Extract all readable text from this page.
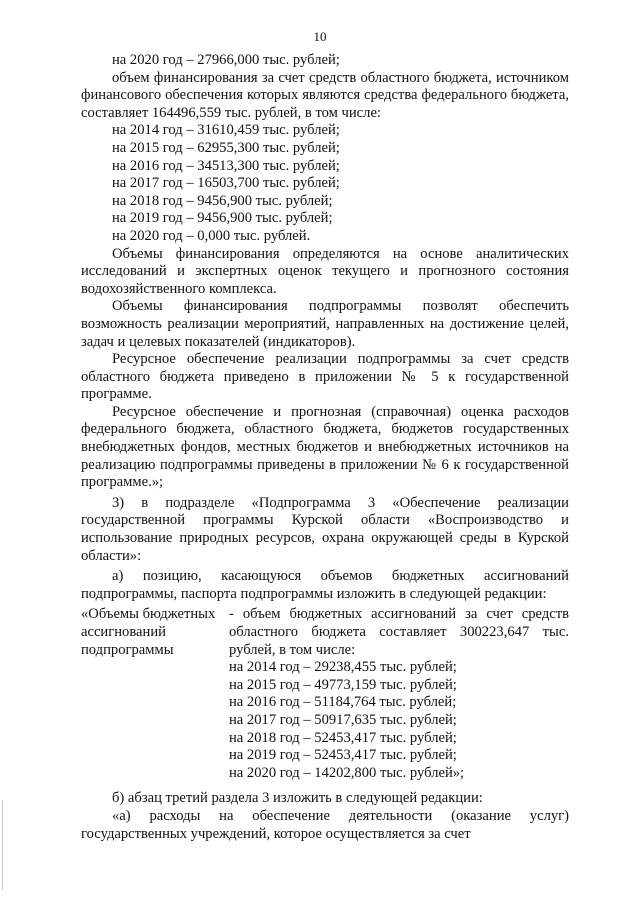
10

на 2020 год – 27966,000 тыс. рублей;

объем финансирования за счет средств областного бюджета, источником финансового обеспечения которых являются средства федерального бюджета, составляет 164496,559 тыс. рублей, в том числе:

на 2014 год – 31610,459 тыс. рублей;

на 2015 год – 62955,300 тыс. рублей;

на 2016 год – 34513,300 тыс. рублей;

на 2017 год – 16503,700 тыс. рублей;

на 2018 год – 9456,900 тыс. рублей;

на 2019 год – 9456,900 тыс. рублей;

на 2020 год – 0,000 тыс. рублей.

Объемы финансирования определяются на основе аналитических исследований и экспертных оценок текущего и прогнозного состояния водохозяйственного комплекса.

Объемы финансирования подпрограммы позволят обеспечить возможность реализации мероприятий, направленных на достижение целей, задач и целевых показателей (индикаторов).

Ресурсное обеспечение реализации подпрограммы за счет средств областного бюджета приведено в приложении № 5 к государственной программе.

Ресурсное обеспечение и прогнозная (справочная) оценка расходов федерального бюджета, областного бюджета, бюджетов государственных внебюджетных фондов, местных бюджетов и внебюджетных источников на реализацию подпрограммы приведены в приложении № 6 к государственной программе.»;

3) в подразделе «Подпрограмма 3 «Обеспечение реализации государственной программы Курской области «Воспроизводство и использование природных ресурсов, охрана окружающей среды в Курской области»:

а) позицию, касающуюся объемов бюджетных ассигнований подпрограммы, паспорта подпрограммы изложить в следующей редакции:

«Объемы бюджетных ассигнований подпрограммы

- объем бюджетных ассигнований за счет средств областного бюджета составляет 300223,647 тыс. рублей, в том числе:

на 2014 год – 29238,455 тыс. рублей;

на 2015 год – 49773,159 тыс. рублей;

на 2016 год – 51184,764 тыс. рублей;

на 2017 год – 50917,635 тыс. рублей;

на 2018 год – 52453,417 тыс. рублей;

на 2019 год – 52453,417 тыс. рублей;

на 2020 год – 14202,800 тыс. рублей»;

б) абзац третий раздела 3 изложить в следующей редакции:

«а) расходы на обеспечение деятельности (оказание услуг) государственных учреждений, которое осуществляется за счет
